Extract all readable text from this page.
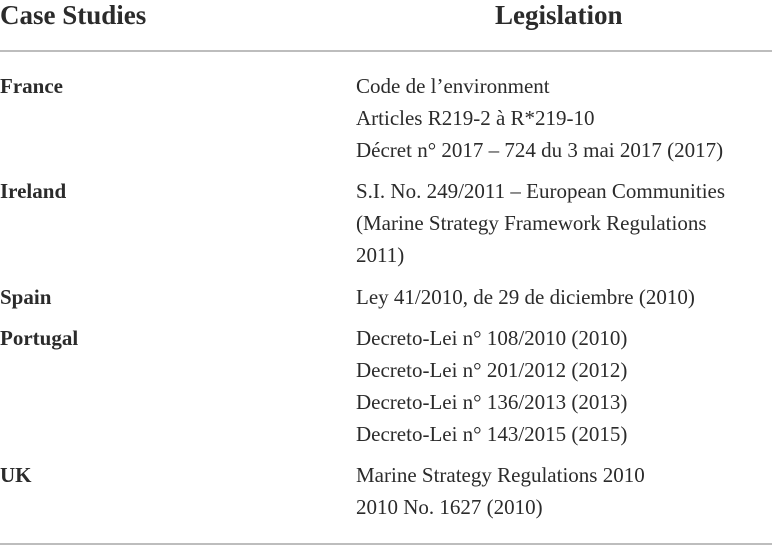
Case Studies	Legislation
France	Code de l’environment
Articles R219-2 à R*219-10
Décret n° 2017 – 724 du 3 mai 2017 (2017)
Ireland	S.I. No. 249/2011 – European Communities
(Marine Strategy Framework Regulations
2011)
Spain	Ley 41/2010, de 29 de diciembre (2010)
Portugal	Decreto-Lei n° 108/2010 (2010)
Decreto-Lei n° 201/2012 (2012)
Decreto-Lei n° 136/2013 (2013)
Decreto-Lei n° 143/2015 (2015)
UK	Marine Strategy Regulations 2010
2010 No. 1627 (2010)
